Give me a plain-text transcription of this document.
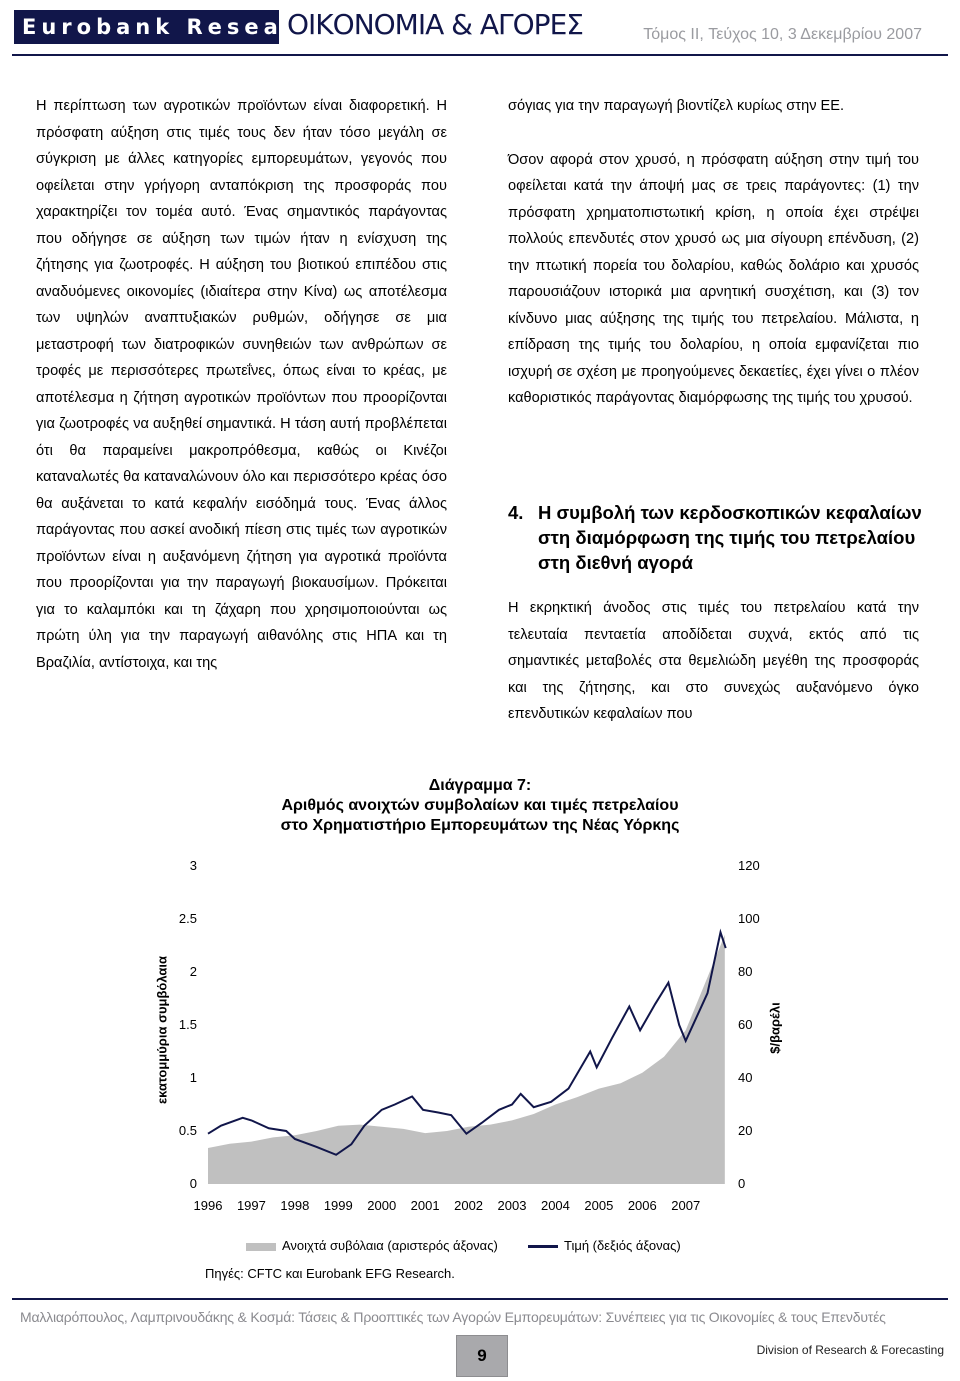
Eurobank Research
ΟΙΚΟΝΟΜΙΑ & ΑΓΟΡΕΣ	Τόμος II, Τεύχος 10, 3 Δεκεμβρίου 2007

Η περίπτωση των αγροτικών προϊόντων είναι διαφορετική. Η πρόσφατη αύξηση στις τιμές τους δεν ήταν τόσο μεγάλη σε σύγκριση με άλλες κατηγορίες εμπορευμάτων, γεγονός που οφείλεται στην γρήγορη ανταπόκριση της προσφοράς που χαρακτηρίζει τον τομέα αυτό. Ένας σημαντικός παράγοντας που οδήγησε σε αύξηση των τιμών ήταν η ενίσχυση της ζήτησης για ζωοτροφές. Η αύξηση του βιοτικού επιπέδου στις αναδυόμενες οικονομίες (ιδιαίτερα στην Κίνα) ως αποτέλεσμα των υψηλών αναπτυξιακών ρυθμών, οδήγησε σε μια μεταστροφή των διατροφικών συνηθειών των ανθρώπων σε τροφές με περισσότερες πρωτεΐνες, όπως είναι το κρέας, με αποτέλεσμα η ζήτηση αγροτικών προϊόντων που προορίζονται για ζωοτροφές να αυξηθεί σημαντικά. Η τάση αυτή προβλέπεται ότι θα παραμείνει μακροπρόθεσμα, καθώς οι Κινέζοι καταναλωτές θα καταναλώνουν όλο και περισσότερο κρέας όσο θα αυξάνεται το κατά κεφαλήν εισόδημά τους. Ένας άλλος παράγοντας που ασκεί ανοδική πίεση στις τιμές των αγροτικών προϊόντων είναι η αυξανόμενη ζήτηση για αγροτικά προϊόντα που προορίζονται για την παραγωγή βιοκαυσίμων. Πρόκειται για το καλαμπόκι και τη ζάχαρη που χρησιμοποιούνται ως πρώτη ύλη για την παραγωγή αιθανόλης στις ΗΠΑ και τη Βραζιλία, αντίστοιχα, και της

σόγιας για την παραγωγή βιοντίζελ κυρίως στην ΕΕ.

Όσον αφορά στον χρυσό, η πρόσφατη αύξηση στην τιμή του οφείλεται κατά την άποψή μας σε τρεις παράγοντες: (1) την πρόσφατη χρηματοπιστωτική κρίση, η οποία έχει στρέψει πολλούς επενδυτές στον χρυσό ως μια σίγουρη επένδυση, (2) την πτωτική πορεία του δολαρίου, καθώς δολάριο και χρυσός παρουσιάζουν ιστορικά μια αρνητική συσχέτιση, και (3) τον κίνδυνο μιας αύξησης της τιμής του πετρελαίου. Μάλιστα, η επίδραση της τιμής του δολαρίου, η οποία εμφανίζεται πιο ισχυρή σε σχέση με προηγούμενες δεκαετίες, έχει γίνει ο πλέον καθοριστικός παράγοντας διαμόρφωσης της τιμής του χρυσού.

4. Η συμβολή των κερδοσκοπικών κεφαλαίων στη διαμόρφωση της τιμής του πετρελαίου στη διεθνή αγορά

Η εκρηκτική άνοδος στις τιμές του πετρελαίου κατά την τελευταία πενταετία αποδίδεται συχνά, εκτός από τις σημαντικές μεταβολές στα θεμελιώδη μεγέθη της προσφοράς και της ζήτησης, και στο συνεχώς αυξανόμενο όγκο επενδυτικών κεφαλαίων που

Διάγραμμα 7:
Αριθμός ανοιχτών συμβολαίων και τιμές πετρελαίου
στο Χρηματιστήριο Εμπορευμάτων της Νέας Υόρκης
εκατομμύρια συμβόλαια	$/βαρέλι
0
0.5
1
1.5
2
2.5
3
0
20
40
60
80
100
120
1996	1997	1998	1999	2000	2001	2002	2003	2004	2005	2006	2007
Ανοιχτά συβόλαια (αριστερός άξονας)	Τιμή (δεξιός άξονας)
Πηγές: CFTC και Eurobank EFG Research.
Μαλλιαρόπουλος, Λαμπρινουδάκης & Κοσμά: Τάσεις & Προοπτικές των Αγορών Εμπορευμάτων: Συνέπειες για τις Οικονομίες & τους Επενδυτές
9	Division of Research & Forecasting
